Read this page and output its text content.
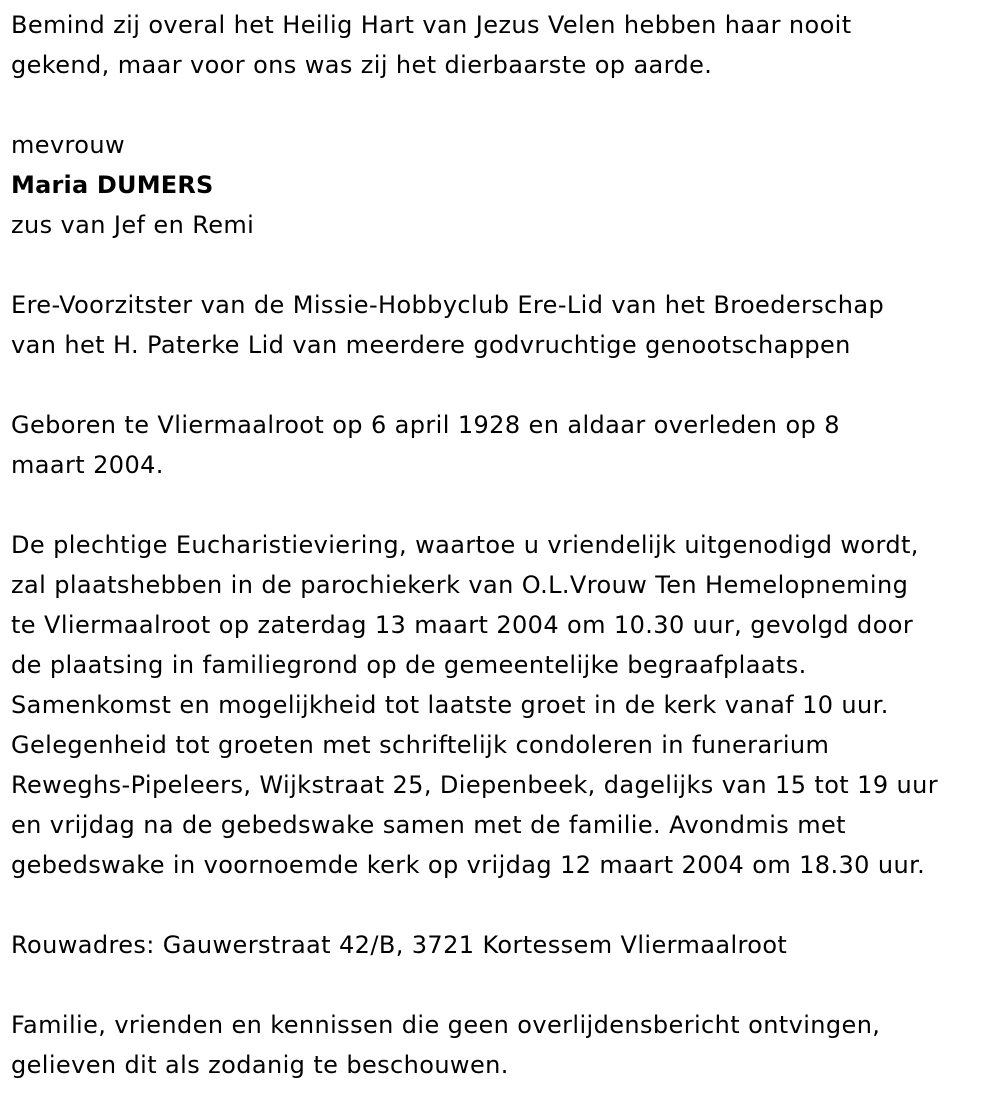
Bemind zij overal het Heilig Hart van Jezus Velen hebben haar nooit
gekend, maar voor ons was zij het dierbaarste op aarde.
mevrouw
Maria DUMERS
zus van Jef en Remi
Ere-Voorzitster van de Missie-Hobbyclub Ere-Lid van het Broederschap
van het H. Paterke Lid van meerdere godvruchtige genootschappen
Geboren te Vliermaalroot op 6 april 1928 en aldaar overleden op 8
maart 2004.
De plechtige Eucharistieviering, waartoe u vriendelijk uitgenodigd wordt,
zal plaatshebben in de parochiekerk van O.L.Vrouw Ten Hemelopneming
te Vliermaalroot op zaterdag 13 maart 2004 om 10.30 uur, gevolgd door
de plaatsing in familiegrond op de gemeentelijke begraafplaats.
Samenkomst en mogelijkheid tot laatste groet in de kerk vanaf 10 uur.
Gelegenheid tot groeten met schriftelijk condoleren in funerarium
Reweghs-Pipeleers, Wijkstraat 25, Diepenbeek, dagelijks van 15 tot 19 uur
en vrijdag na de gebedswake samen met de familie. Avondmis met
gebedswake in voornoemde kerk op vrijdag 12 maart 2004 om 18.30 uur.
Rouwadres: Gauwerstraat 42/B, 3721 Kortessem Vliermaalroot
Familie, vrienden en kennissen die geen overlijdensbericht ontvingen,
gelieven dit als zodanig te beschouwen.
